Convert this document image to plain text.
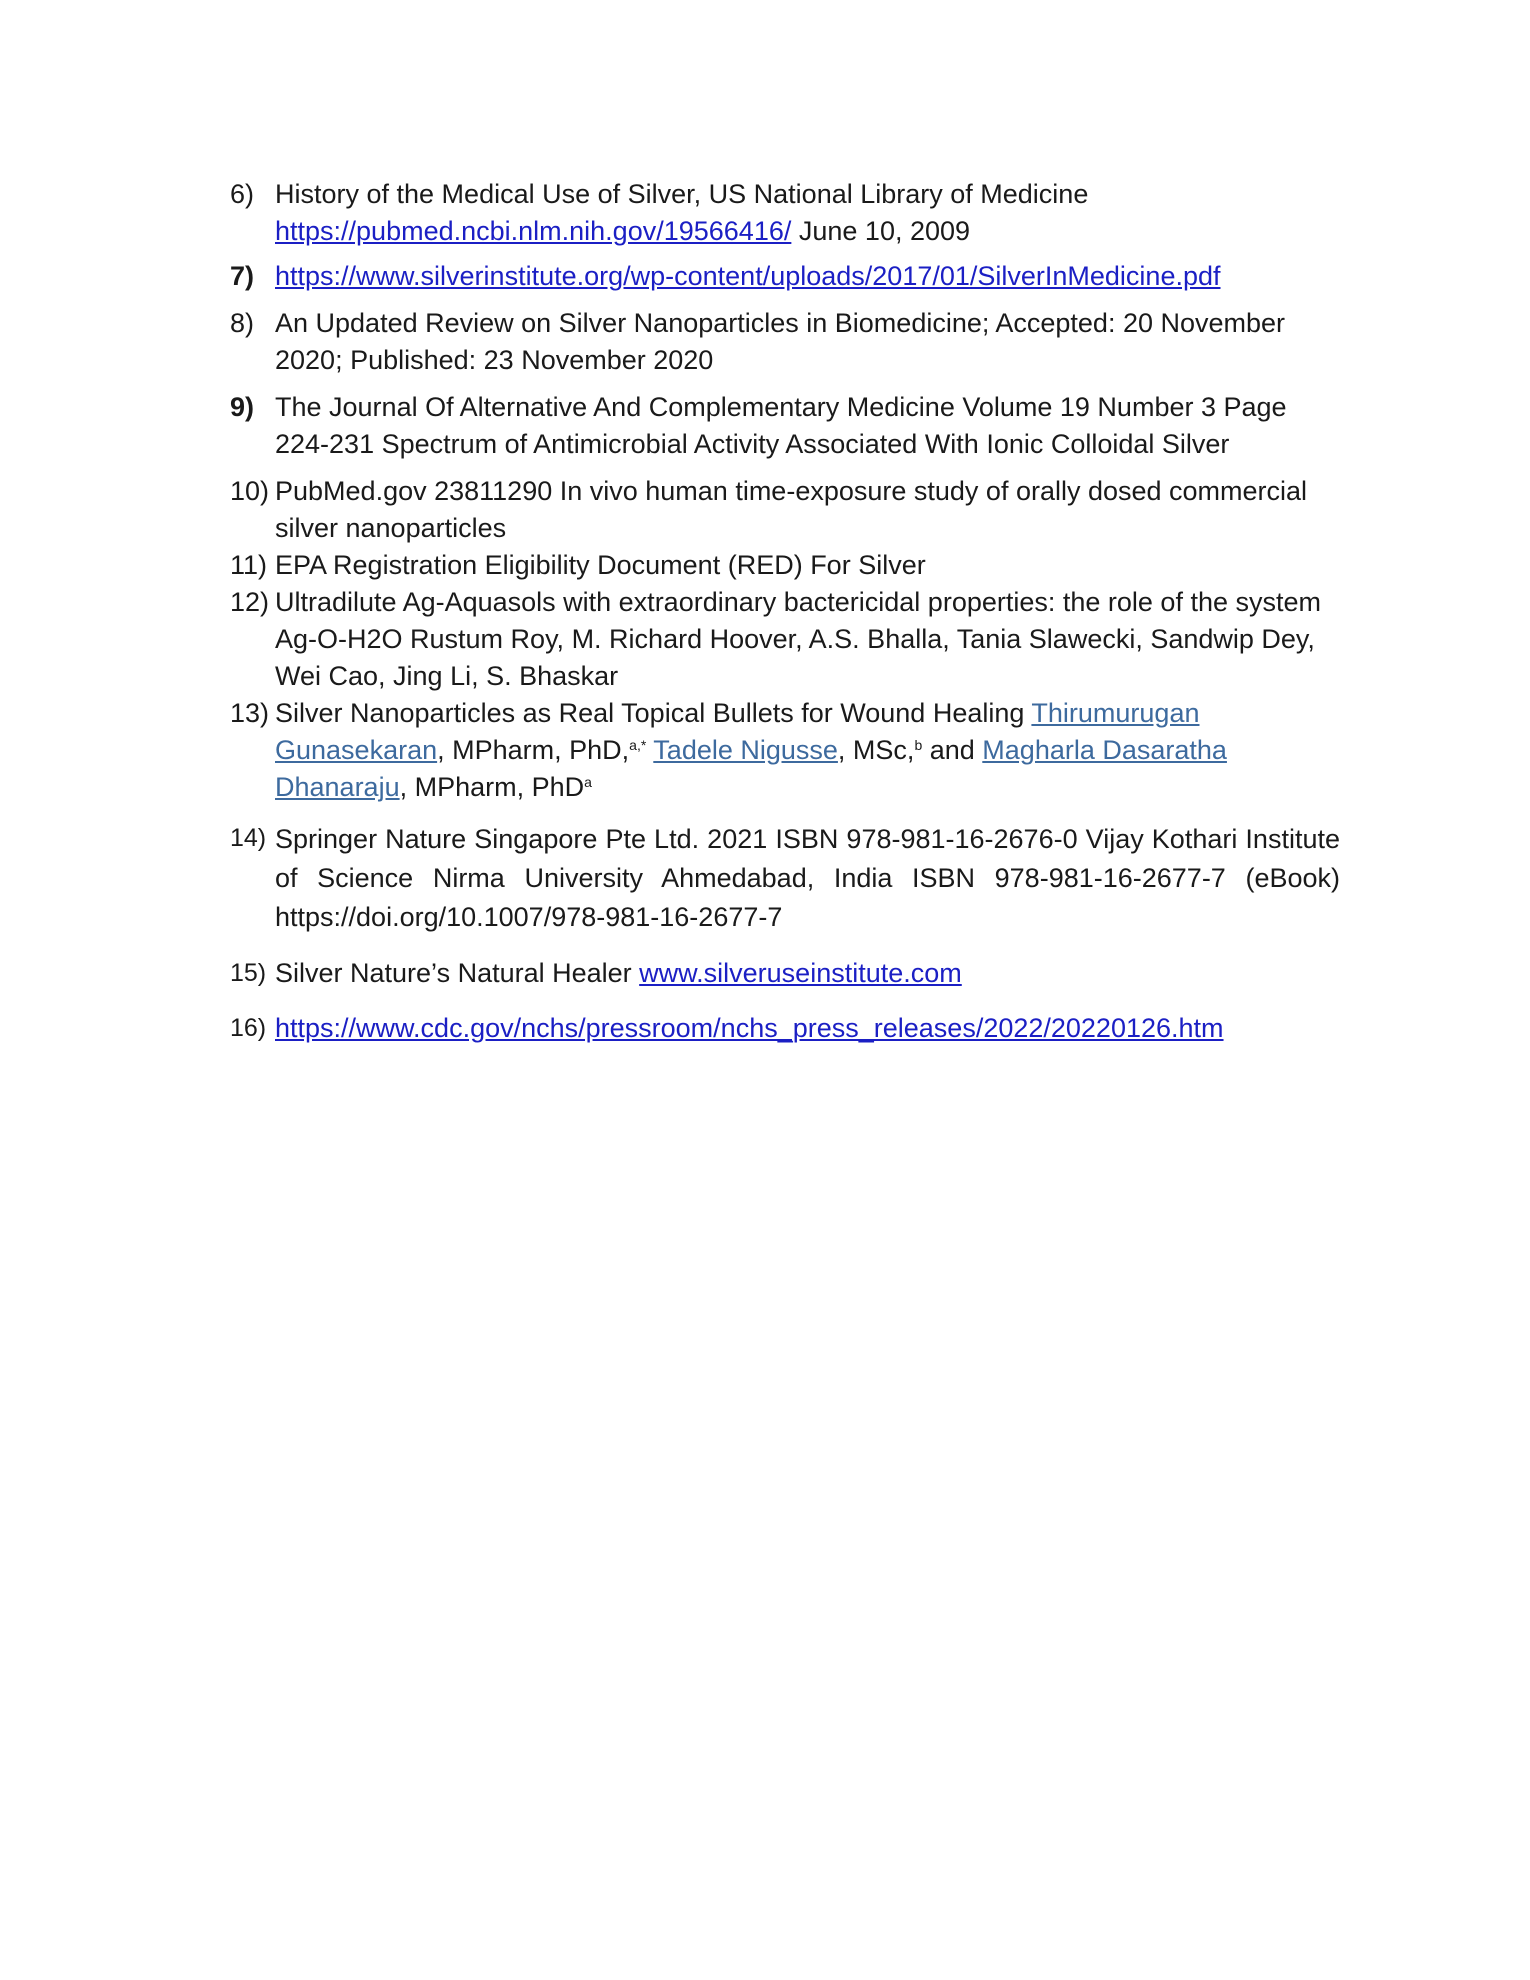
6) History of the Medical Use of Silver, US National Library of Medicine
https://pubmed.ncbi.nlm.nih.gov/19566416/ June 10, 2009
7) https://www.silverinstitute.org/wp-content/uploads/2017/01/SilverInMedicine.pdf
8) An Updated Review on Silver Nanoparticles in Biomedicine; Accepted: 20 November 2020; Published: 23 November 2020
9) The Journal Of Alternative And Complementary Medicine Volume 19 Number 3 Page 224-231 Spectrum of Antimicrobial Activity Associated With Ionic Colloidal Silver
10) PubMed.gov 23811290 In vivo human time-exposure study of orally dosed commercial silver nanoparticles
11) EPA Registration Eligibility Document (RED) For Silver
12) Ultradilute Ag-Aquasols with extraordinary bactericidal properties: the role of the system Ag-O-H2O Rustum Roy, M. Richard Hoover, A.S. Bhalla, Tania Slawecki, Sandwip Dey, Wei Cao, Jing Li, S. Bhaskar
13) Silver Nanoparticles as Real Topical Bullets for Wound Healing Thirumurugan Gunasekaran, MPharm, PhD,$^{a,*}$ Tadele Nigusse, MSc,$^b$ and Magharla Dasaratha Dhanaraju, MPharm, PhD$^a$
14) Springer Nature Singapore Pte Ltd. 2021 ISBN 978-981-16-2676-0 Vijay Kothari Institute of Science Nirma University Ahmedabad, India ISBN 978-981-16-2677-7 (eBook) https://doi.org/10.1007/978-981-16-2677-7
15) Silver Nature’s Natural Healer www.silveruseinstitute.com
16) https://www.cdc.gov/nchs/pressroom/nchs_press_releases/2022/20220126.htm
